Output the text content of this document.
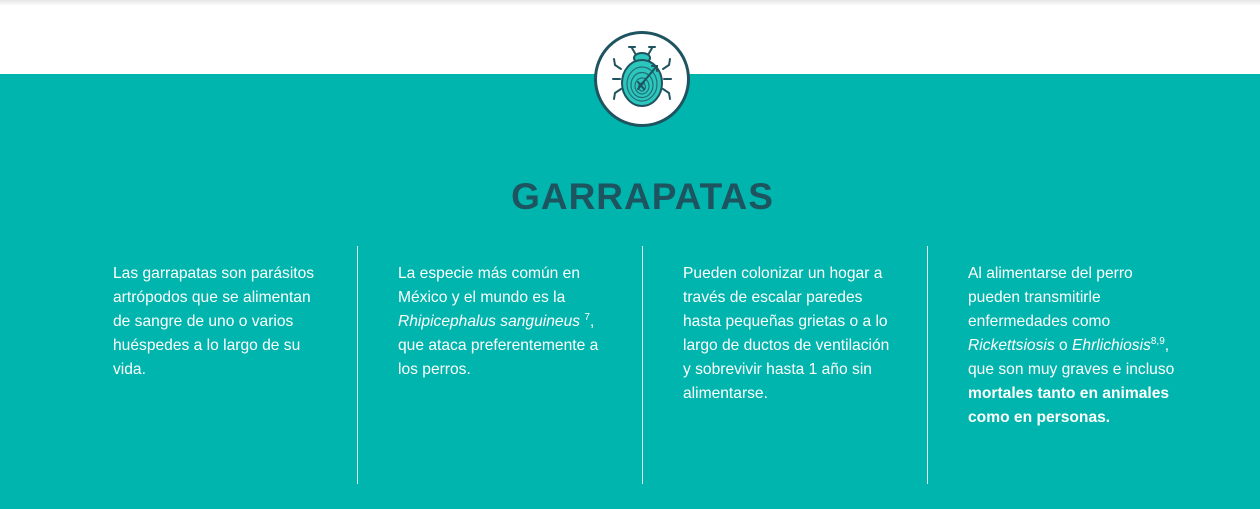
GARRAPATAS

Las garrapatas son parásitos artrópodos que se alimentan de sangre de uno o varios huéspedes a lo largo de su vida.

La especie más común en México y el mundo es la Rhipicephalus sanguineus $^7$, que ataca preferentemente a los perros.

Pueden colonizar un hogar a través de escalar paredes hasta pequeñas grietas o a lo largo de ductos de ventilación y sobrevivir hasta 1 año sin alimentarse.

Al alimentarse del perro pueden transmitirle enfermedades como Rickettsiosis o Ehrlichiosis$^{8,9}$, que son muy graves e incluso mortales tanto en animales como en personas.
